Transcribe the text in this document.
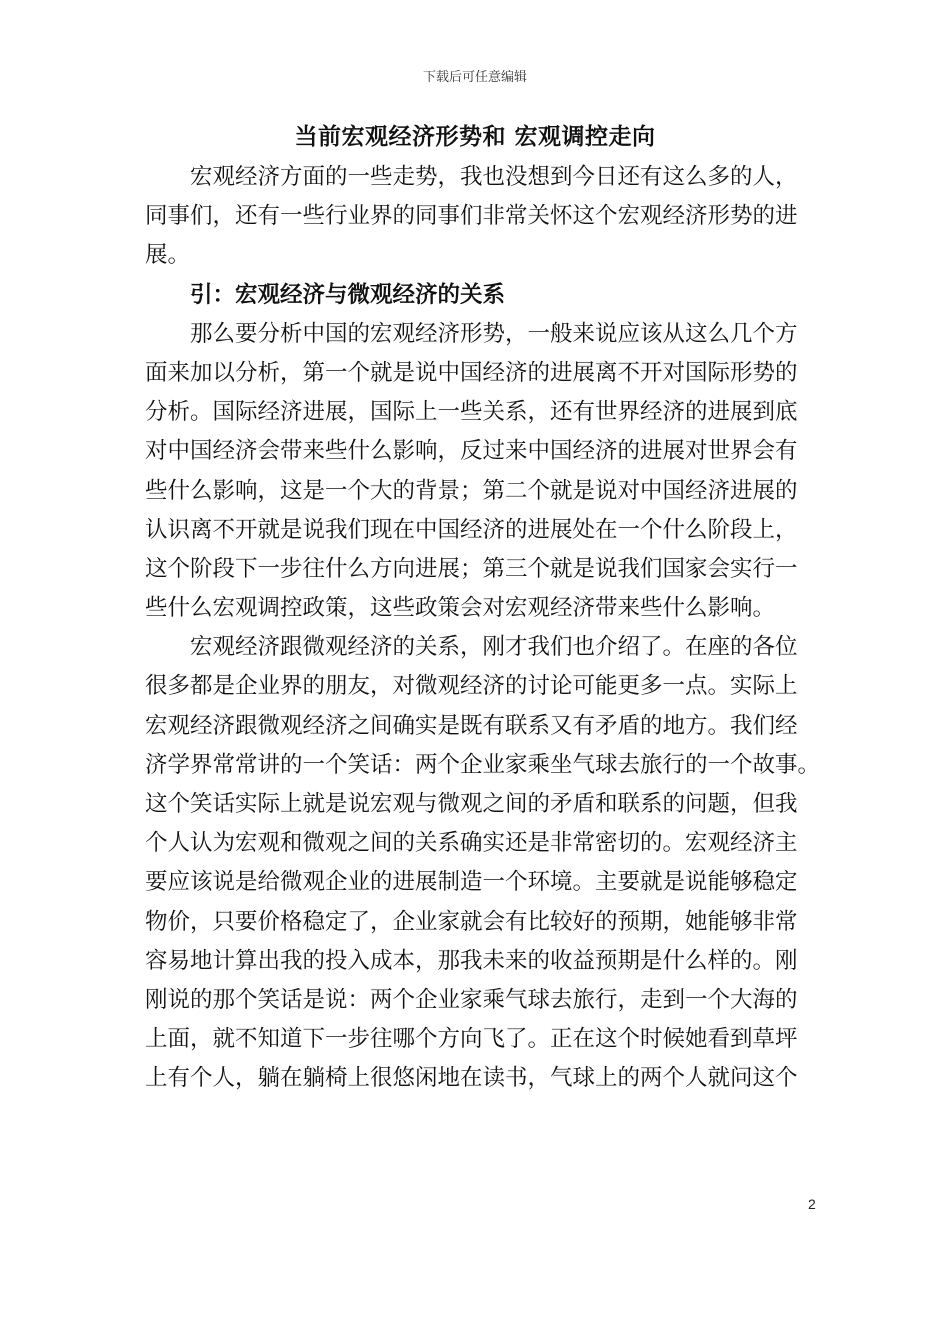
下载后可任意编辑
当前宏观经济形势和 宏观调控走向
宏观经济方面的一些走势，我也没想到今日还有这么多的人，
同事们，还有一些行业界的同事们非常关怀这个宏观经济形势的进
展。
引：宏观经济与微观经济的关系
那么要分析中国的宏观经济形势，一般来说应该从这么几个方
面来加以分析，第一个就是说中国经济的进展离不开对国际形势的
分析。国际经济进展，国际上一些关系，还有世界经济的进展到底
对中国经济会带来些什么影响，反过来中国经济的进展对世界会有
些什么影响，这是一个大的背景；第二个就是说对中国经济进展的
认识离不开就是说我们现在中国经济的进展处在一个什么阶段上，
这个阶段下一步往什么方向进展；第三个就是说我们国家会实行一
些什么宏观调控政策，这些政策会对宏观经济带来些什么影响。
宏观经济跟微观经济的关系，刚才我们也介绍了。在座的各位
很多都是企业界的朋友，对微观经济的讨论可能更多一点。实际上
宏观经济跟微观经济之间确实是既有联系又有矛盾的地方。我们经
济学界常常讲的一个笑话：两个企业家乘坐气球去旅行的一个故事。
这个笑话实际上就是说宏观与微观之间的矛盾和联系的问题，但我
个人认为宏观和微观之间的关系确实还是非常密切的。宏观经济主
要应该说是给微观企业的进展制造一个环境。主要就是说能够稳定
物价，只要价格稳定了，企业家就会有比较好的预期，她能够非常
容易地计算出我的投入成本，那我未来的收益预期是什么样的。刚
刚说的那个笑话是说：两个企业家乘气球去旅行，走到一个大海的
上面，就不知道下一步往哪个方向飞了。正在这个时候她看到草坪
上有个人，躺在躺椅上很悠闲地在读书，气球上的两个人就问这个
2
